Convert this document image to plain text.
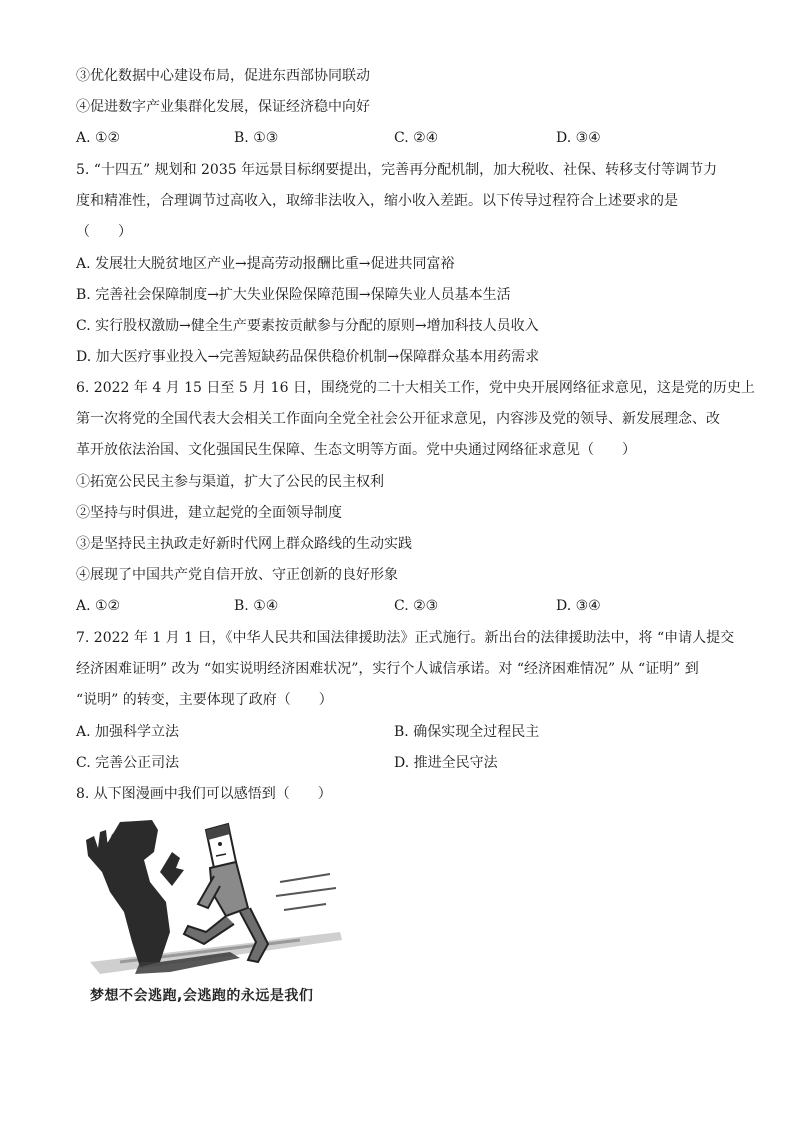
③优化数据中心建设布局，促进东西部协同联动
④促进数字产业集群化发展，保证经济稳中向好
A. ①②	B. ①③	C. ②④	D. ③④
5. “十四五” 规划和 2035 年远景目标纲要提出，完善再分配机制，加大税收、社保、转移支付等调节力
度和精准性，合理调节过高收入，取缔非法收入，缩小收入差距。以下传导过程符合上述要求的是
（　　）
A. 发展壮大脱贫地区产业→提高劳动报酬比重→促进共同富裕
B. 完善社会保障制度→扩大失业保险保障范围→保障失业人员基本生活
C. 实行股权激励→健全生产要素按贡献参与分配的原则→增加科技人员收入
D. 加大医疗事业投入→完善短缺药品保供稳价机制→保障群众基本用药需求
6. 2022 年 4 月 15 日至 5 月 16 日，围绕党的二十大相关工作，党中央开展网络征求意见，这是党的历史上
第一次将党的全国代表大会相关工作面向全党全社会公开征求意见，内容涉及党的领导、新发展理念、改
革开放依法治国、文化强国民生保障、生态文明等方面。党中央通过网络征求意见（　　）
①拓宽公民民主参与渠道，扩大了公民的民主权利
②坚持与时俱进，建立起党的全面领导制度
③是坚持民主执政走好新时代网上群众路线的生动实践
④展现了中国共产党自信开放、守正创新的良好形象
A. ①②	B. ①④	C. ②③	D. ③④
7. 2022 年 1 月 1 日，《中华人民共和国法律援助法》正式施行。新出台的法律援助法中，将 “申请人提交
经济困难证明” 改为 “如实说明经济困难状况”，实行个人诚信承诺。对 “经济困难情况” 从 “证明” 到
“说明” 的转变，主要体现了政府（　　）
A. 加强科学立法	B. 确保实现全过程民主
C. 完善公正司法	D. 推进全民守法
8. 从下图漫画中我们可以感悟到（　　）
梦想不会逃跑,会逃跑的永远是我们
